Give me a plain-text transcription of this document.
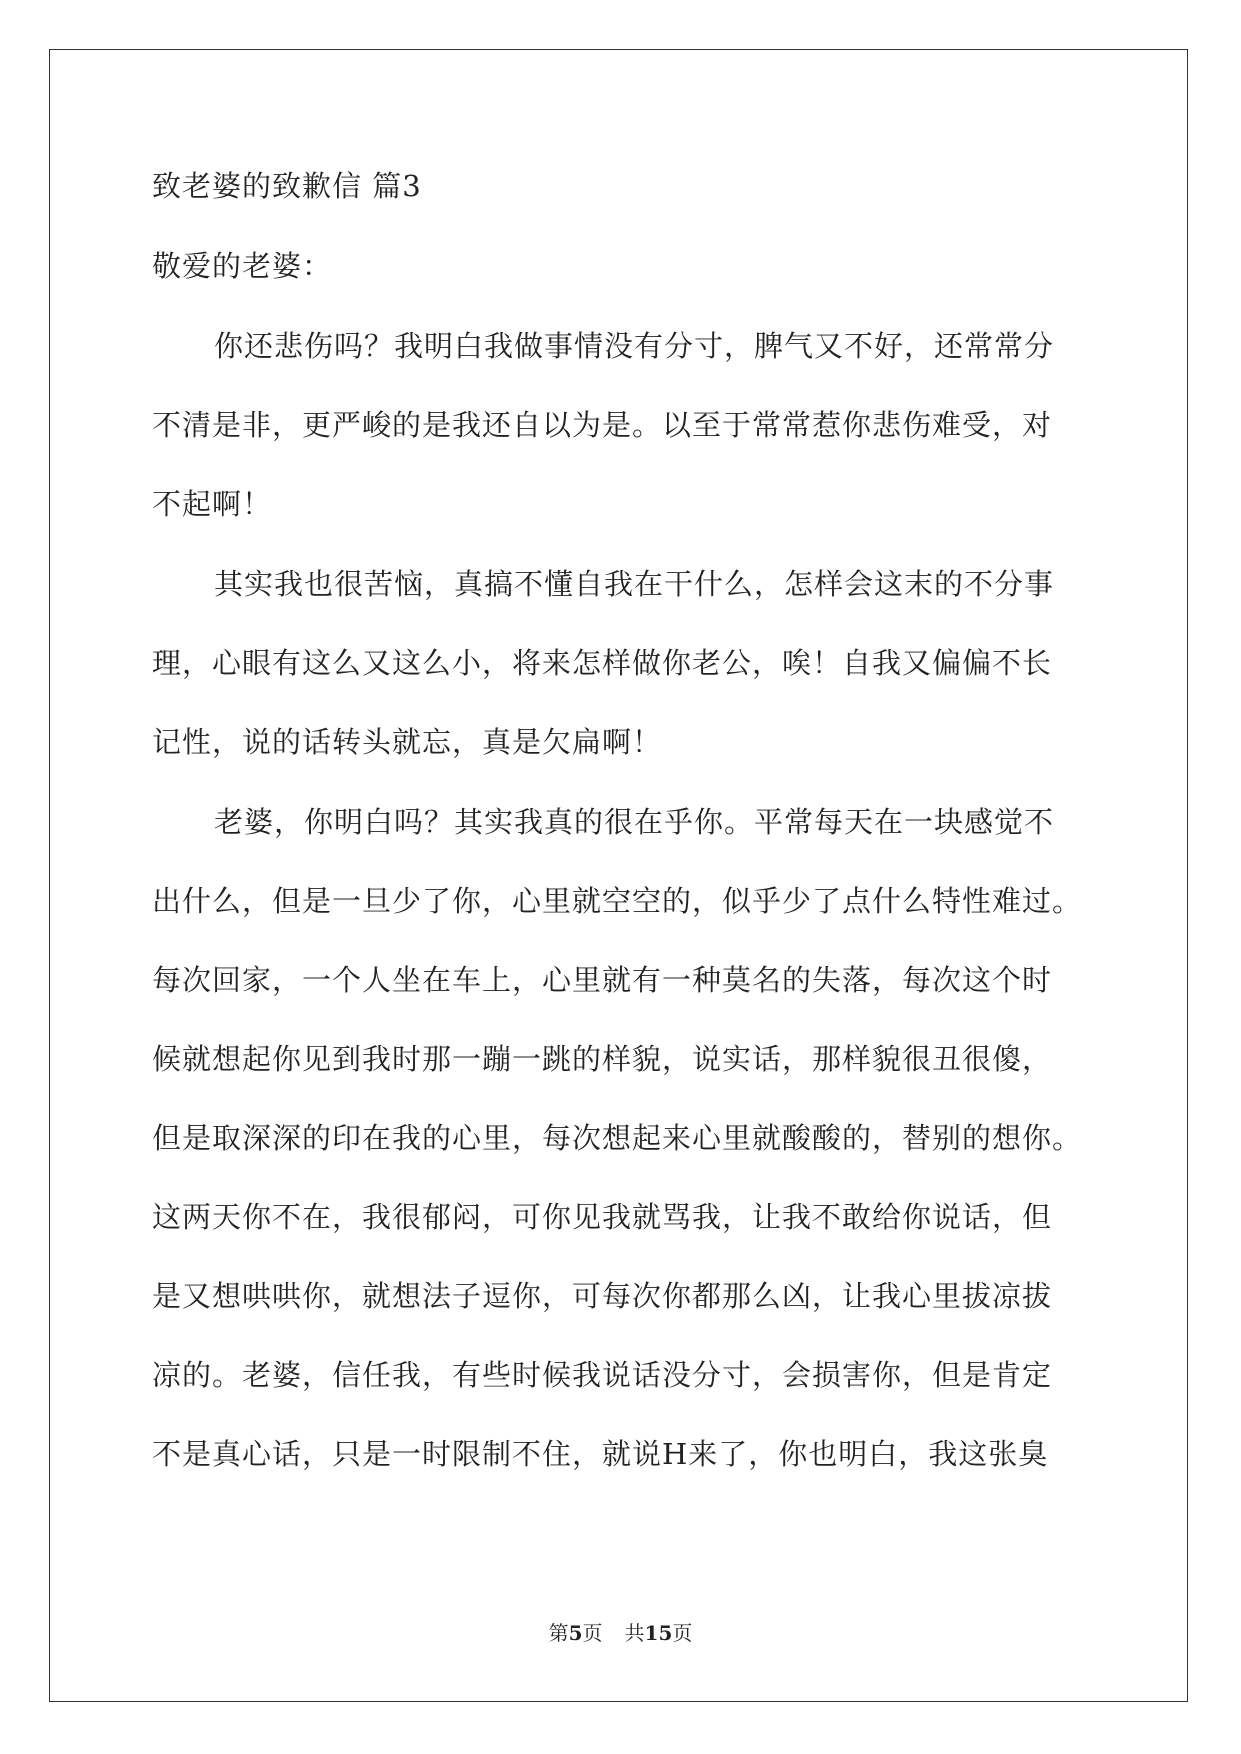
致老婆的致歉信 篇3
敬爱的老婆：
你还悲伤吗？我明白我做事情没有分寸，脾气又不好，还常常分
不清是非，更严峻的是我还自以为是。以至于常常惹你悲伤难受，对
不起啊！
其实我也很苦恼，真搞不懂自我在干什么，怎样会这末的不分事
理，心眼有这么又这么小，将来怎样做你老公，唉！自我又偏偏不长
记性，说的话转头就忘，真是欠扁啊！
老婆，你明白吗？其实我真的很在乎你。平常每天在一块感觉不
出什么，但是一旦少了你，心里就空空的，似乎少了点什么特性难过。
每次回家，一个人坐在车上，心里就有一种莫名的失落，每次这个时
候就想起你见到我时那一蹦一跳的样貌，说实话，那样貌很丑很傻，
但是取深深的印在我的心里，每次想起来心里就酸酸的，替别的想你。
这两天你不在，我很郁闷，可你见我就骂我，让我不敢给你说话，但
是又想哄哄你，就想法子逗你，可每次你都那么凶，让我心里拔凉拔
凉的。老婆，信任我，有些时候我说话没分寸，会损害你，但是肯定
不是真心话，只是一时限制不住，就说H来了，你也明白，我这张臭
第5页 共15页
